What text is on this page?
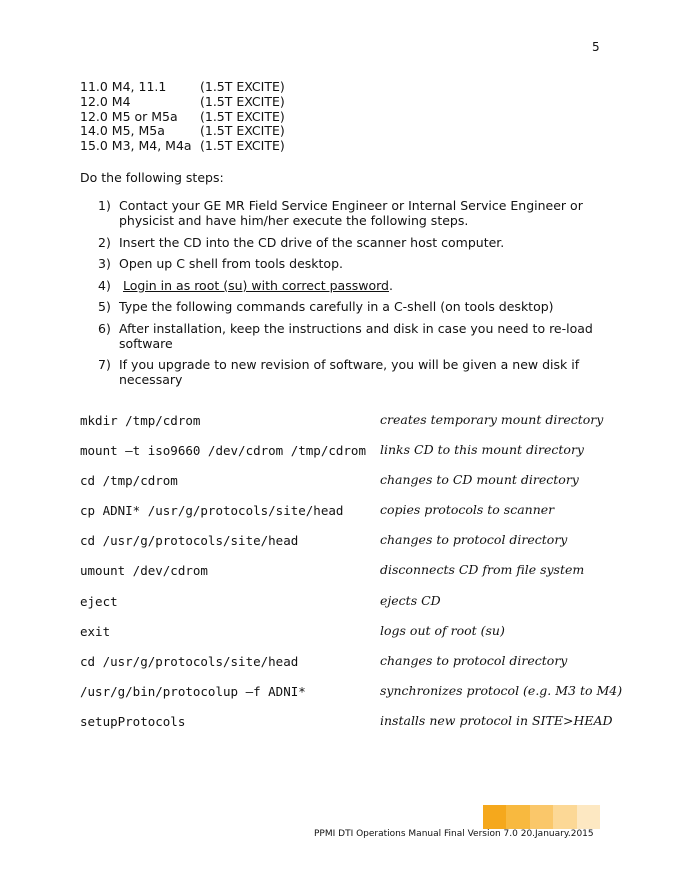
5
11.0 M4, 11.1	(1.5T EXCITE)
12.0 M4	(1.5T EXCITE)
12.0 M5 or M5a	(1.5T EXCITE)
14.0 M5, M5a	(1.5T EXCITE)
15.0 M3, M4, M4a (1.5T EXCITE)
Do the following steps:
1) Contact your GE MR Field Service Engineer or Internal Service Engineer or physicist and have him/her execute the following steps.
2) Insert the CD into the CD drive of the scanner host computer.
3) Open up C shell from tools desktop.
4) Login in as root (su) with correct password.
5) Type the following commands carefully in a C-shell (on tools desktop)
6) After installation, keep the instructions and disk in case you need to re-load software
7) If you upgrade to new revision of software, you will be given a new disk if necessary
mkdir /tmp/cdrom	creates temporary mount directory
mount –t iso9660 /dev/cdrom /tmp/cdrom links CD to this mount directory
cd /tmp/cdrom	changes to CD mount directory
cp ADNI* /usr/g/protocols/site/head	copies protocols to scanner
cd /usr/g/protocols/site/head	changes to protocol directory
umount /dev/cdrom	disconnects CD from file system
eject	ejects CD
exit	logs out of root (su)
cd /usr/g/protocols/site/head	changes to protocol directory
/usr/g/bin/protocolup –f ADNI*	synchronizes protocol (e.g. M3 to M4)
setupProtocols	installs new protocol in SITE>HEAD
PPMI DTI Operations Manual Final Version 7.0 20.January.2015
